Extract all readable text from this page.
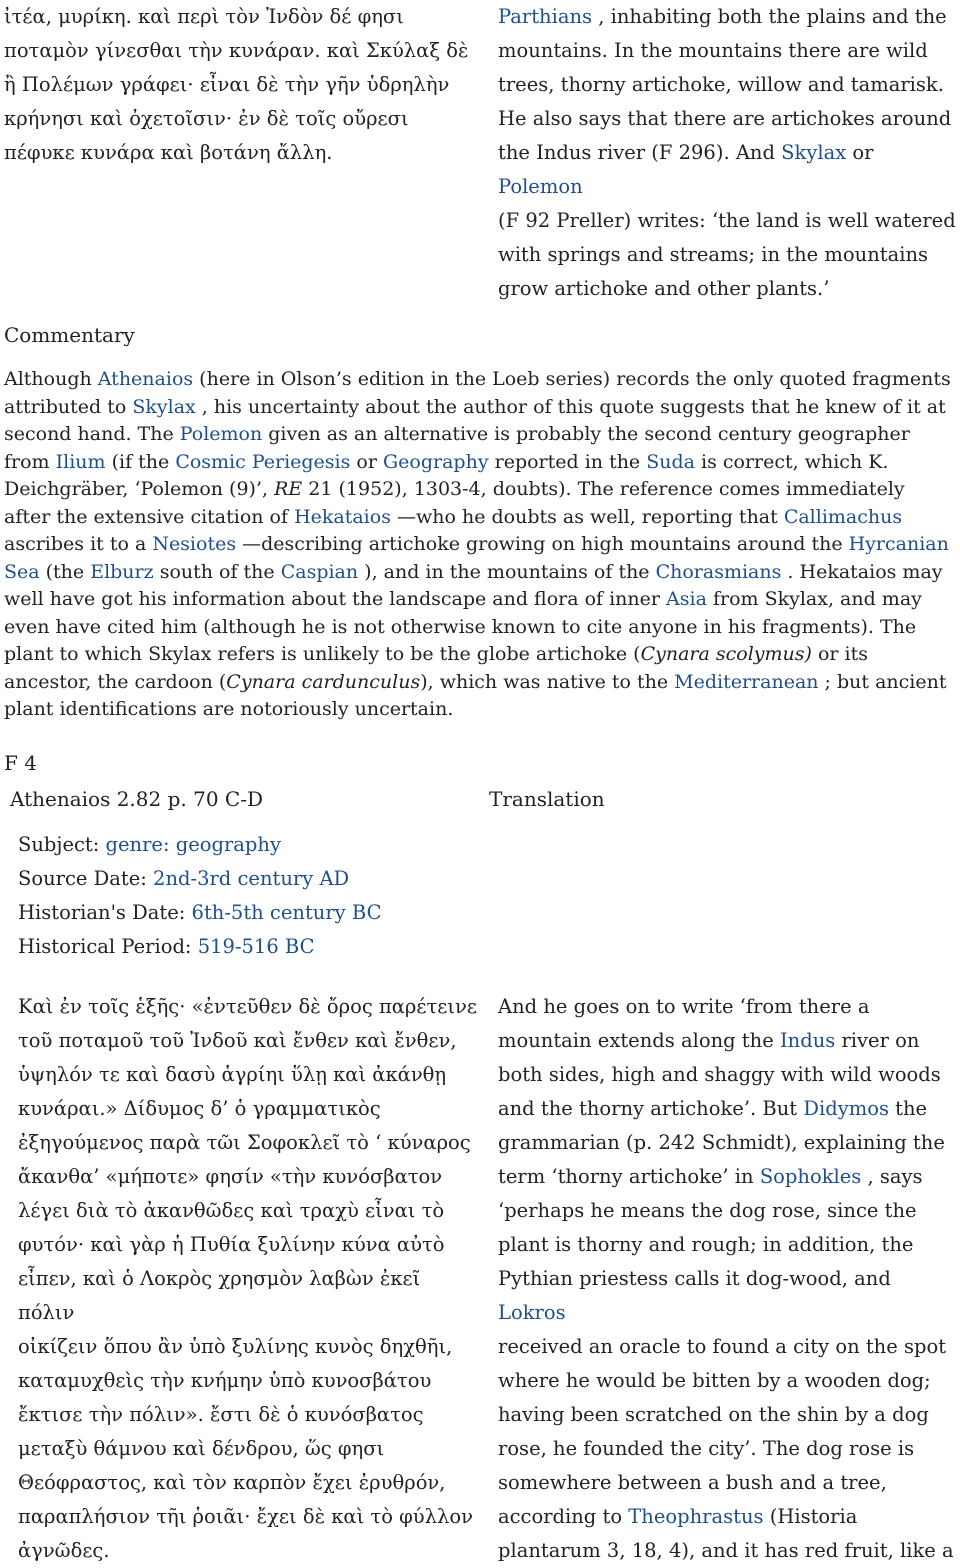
ἰτέα, μυρίκη. καὶ περὶ τὸν Ἰνδὸν δέ φησι
ποταμὸν γίνεσθαι τὴν κυνάραν. καὶ Σκύλαξ δὲ
ἢ Πολέμων γράφει· εἶναι δὲ τὴν γῆν ὑδρηλὴν
κρήνησι καὶ ὀχετοῖσιν· ἐν δὲ τοῖς οὔρεσι
πέφυκε κυνάρα καὶ βοτάνη ἄλλη.
Parthians , inhabiting both the plains and the
mountains. In the mountains there are wild
trees, thorny artichoke, willow and tamarisk.
He also says that there are artichokes around
the Indus river (F 296). And Skylax or Polemon
(F 92 Preller) writes: ‘the land is well watered
with springs and streams; in the mountains
grow artichoke and other plants.’
Commentary
Although Athenaios (here in Olson’s edition in the Loeb series) records the only quoted fragments attributed to Skylax , his uncertainty about the author of this quote suggests that he knew of it at second hand. The Polemon given as an alternative is probably the second century geographer from Ilium (if the Cosmic Periegesis or Geography reported in the Suda is correct, which K. Deichgräber, ‘Polemon (9)’, RE 21 (1952), 1303-4, doubts). The reference comes immediately after the extensive citation of Hekataios —who he doubts as well, reporting that Callimachus ascribes it to a Nesiotes —describing artichoke growing on high mountains around the Hyrcanian Sea (the Elburz south of the Caspian ), and in the mountains of the Chorasmians . Hekataios may well have got his information about the landscape and flora of inner Asia from Skylax, and may even have cited him (although he is not otherwise known to cite anyone in his fragments). The plant to which Skylax refers is unlikely to be the globe artichoke (Cynara scolymus) or its ancestor, the cardoon (Cynara cardunculus), which was native to the Mediterranean ; but ancient plant identifications are notoriously uncertain.
F 4
Athenaios 2.82 p. 70 C-D	Translation
Subject: genre: geography
Source Date: 2nd-3rd century AD
Historian's Date: 6th-5th century BC
Historical Period: 519-516 BC
Καὶ ἐν τοῖς ἑξῆς· «ἐντεῦθεν δὲ ὄρος παρέτεινε
τοῦ ποταμοῦ τοῦ Ἰνδοῦ καὶ ἔνθεν καὶ ἔνθεν,
ὑψηλόν τε καὶ δασὺ ἀγρίηι ὕλῃ καὶ ἀκάνθῃ
κυνάραι.» Δίδυμος δ’ ὁ γραμματικὸς
ἐξηγούμενος παρὰ τῶι Σοφοκλεῖ τὸ ‘ κύναρος
ἄκανθα’ «μήποτε» φησίν «τὴν κυνόσβατον
λέγει διὰ τὸ ἀκανθῶδες καὶ τραχὺ εἶναι τὸ
φυτόν· καὶ γὰρ ἡ Πυθία ξυλίνην κύνα αὐτὸ
εἶπεν, καὶ ὁ Λοκρὸς χρησμὸν λαβὼν ἐκεῖ πόλιν
οἰκίζειν ὅπου ἂν ὑπὸ ξυλίνης κυνὸς δηχθῆι,
καταμυχθεὶς τὴν κνήμην ὑπὸ κυνοσβάτου
ἔκτισε τὴν πόλιν». ἔστι δὲ ὁ κυνόσβατος
μεταξὺ θάμνου καὶ δένδρου, ὥς φησι
Θεόφραστος, καὶ τὸν καρπὸν ἔχει ἐρυθρόν,
παραπλήσιον τῆι ῥοιᾶι· ἔχει δὲ καὶ τὸ φύλλον
ἀγνῶδες.
And he goes on to write ‘from there a
mountain extends along the Indus river on
both sides, high and shaggy with wild woods
and the thorny artichoke’. But Didymos the
grammarian (p. 242 Schmidt), explaining the
term ‘thorny artichoke’ in Sophokles , says
‘perhaps he means the dog rose, since the
plant is thorny and rough; in addition, the
Pythian priestess calls it dog-wood, and Lokros
received an oracle to found a city on the spot
where he would be bitten by a wooden dog;
having been scratched on the shin by a dog
rose, he founded the city’. The dog rose is
somewhere between a bush and a tree,
according to Theophrastus (Historia
plantarum 3, 18, 4), and it has red fruit, like a
